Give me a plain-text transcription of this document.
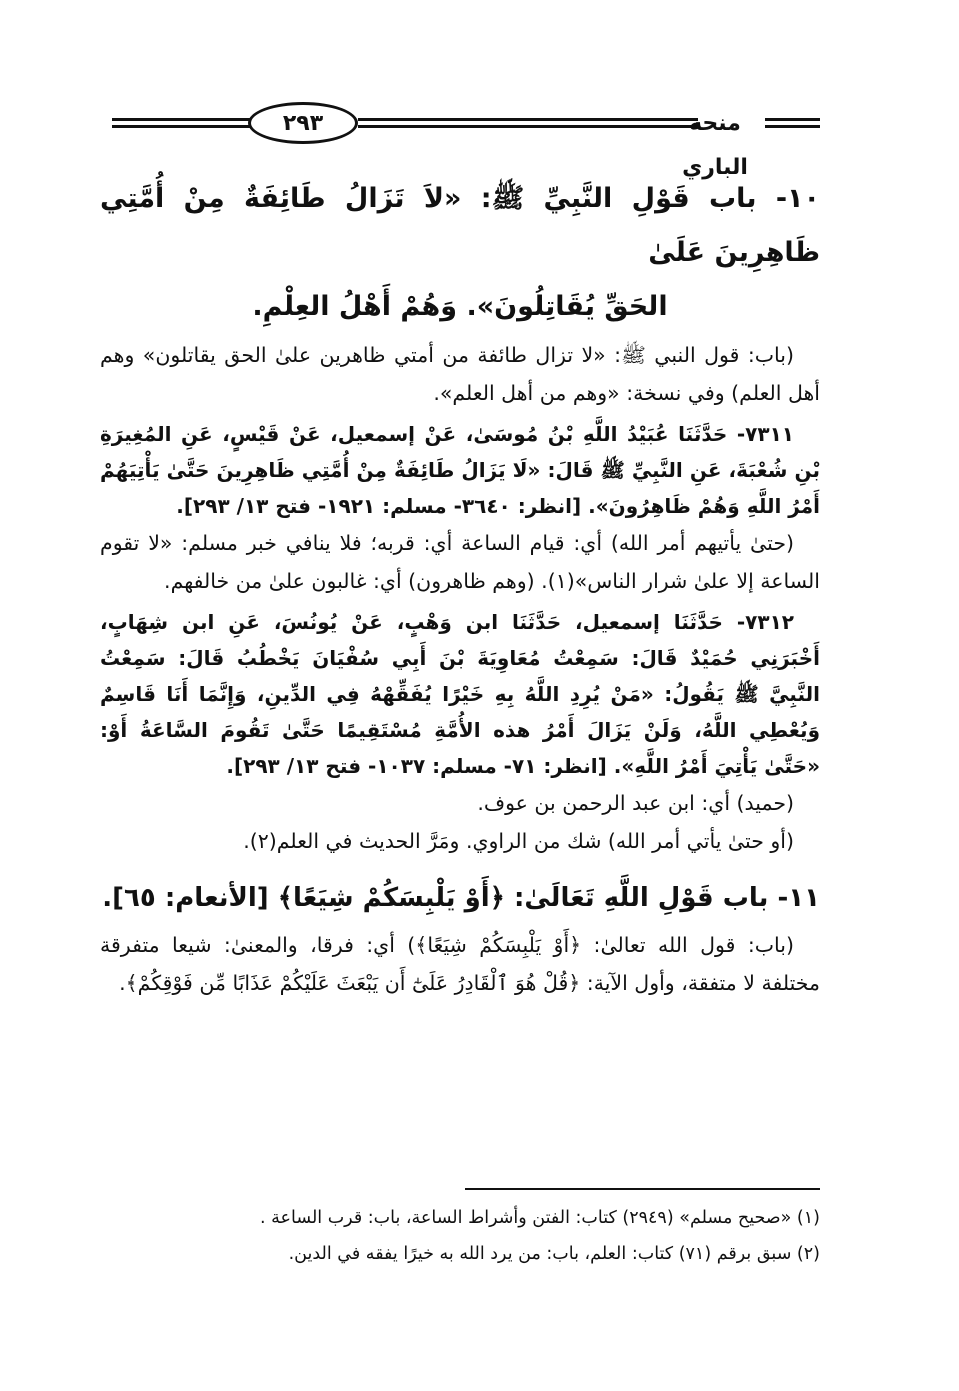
٢٩٣	منحة الباري
١٠- باب قَوْلِ النَّبِيِّ ﷺ: «لاَ تَزَالُ طَائِفَةٌ مِنْ أُمَّتِي ظَاهِرِينَ عَلَىٰ
الحَقِّ يُقَاتِلُونَ». وَهُمْ أَهْلُ العِلْمِ.

(باب: قول النبي ﷺ: «لا تزال طائفة من أمتي ظاهرين علىٰ الحق يقاتلون» وهم أهل العلم) وفي نسخة: «وهم من أهل العلم».

٧٣١١- حَدَّثَنَا عُبَيْدُ اللَّهِ بْنُ مُوسَىٰ، عَنْ إسمعيل، عَنْ قَيْسٍ، عَنِ المُغِيرَةِ بْنِ شُعْبَةَ، عَنِ النَّبِيِّ ﷺ قَالَ: «لَا يَزَالُ طَائِفَةٌ مِنْ أُمَّتِي ظَاهِرِينَ حَتَّىٰ يَأْتِيَهُمْ أَمْرُ اللَّهِ وَهُمْ ظَاهِرُونَ». [انظر: ٣٦٤٠- مسلم: ١٩٢١- فتح ١٣/ ٢٩٣].

(حتىٰ يأتيهم أمر الله) أي: قيام الساعة أي: قربه؛ فلا ينافي خبر مسلم: «لا تقوم الساعة إلا علىٰ شرار الناس»(١). (وهم ظاهرون) أي: غالبون علىٰ من خالفهم.

٧٣١٢- حَدَّثَنَا إسمعيل، حَدَّثَنَا ابن وَهْبٍ، عَنْ يُونُسَ، عَنِ ابن شِهَابٍ، أَخْبَرَنِي حُمَيْدٌ قَالَ: سَمِعْتُ مُعَاوِيَةَ بْنَ أَبِي سُفْيَانَ يَخْطُبُ قَالَ: سَمِعْتُ النَّبِيَّ ﷺ يَقُولُ: «مَنْ يُرِدِ اللَّهُ بِهِ خَيْرًا يُفَقِّهْهُ فِي الدِّينِ، وَإِنَّمَا أَنَا قَاسِمٌ وَيُعْطِي اللَّهُ، وَلَنْ يَزَالَ أَمْرُ هذه الأُمَّةِ مُسْتَقِيمًا حَتَّىٰ تَقُومَ السَّاعَةُ أَوْ: «حَتَّىٰ يَأْتِيَ أَمْرُ اللَّهِ». [انظر: ٧١- مسلم: ١٠٣٧- فتح ١٣/ ٢٩٣].

(حميد) أي: ابن عبد الرحمن بن عوف.

(أو حتىٰ يأتي أمر الله) شك من الراوي. ومَرَّ الحديث في العلم(٢).

١١- باب قَوْلِ اللَّهِ تَعَالَىٰ: ﴿أَوْ يَلْبِسَكُمْ شِيَعًا﴾ [الأنعام: ٦٥].

(باب: قول الله تعالىٰ: ﴿أَوْ يَلْبِسَكُمْ شِيَعًا﴾) أي: فرقا، والمعنىٰ: شيعا متفرقة مختلفة لا متفقة، وأول الآية: ﴿قُلْ هُوَ ٱلْقَادِرُ عَلَىٰٓ أَن يَبْعَثَ عَلَيْكُمْ عَذَابًا مِّن فَوْقِكُمْ﴾.

(١) «صحيح مسلم» (٢٩٤٩) كتاب: الفتن وأشراط الساعة، باب: قرب الساعة .

(٢) سبق برقم (٧١) كتاب: العلم، باب: من يرد الله به خيرًا يفقه في الدين.
